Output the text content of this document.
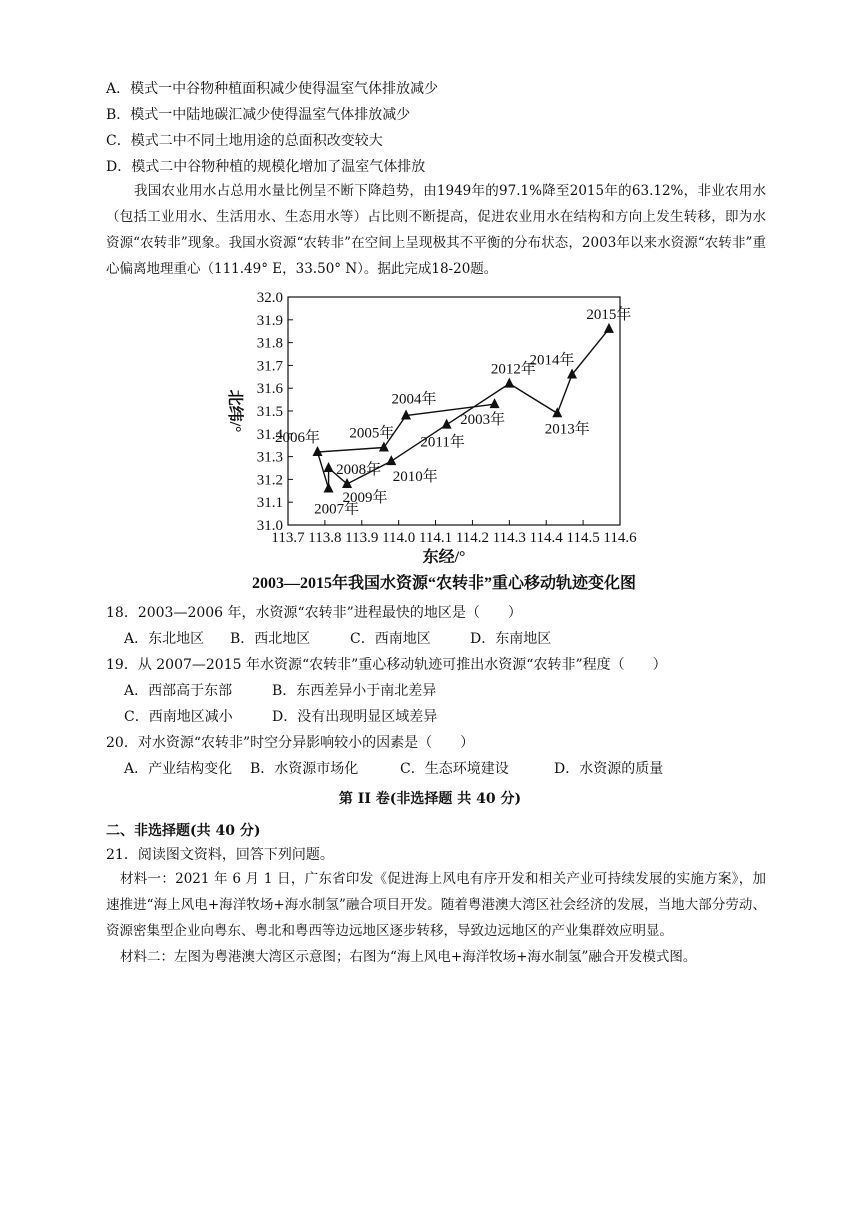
A．模式一中谷物种植面积减少使得温室气体排放减少
B．模式一中陆地碳汇减少使得温室气体排放减少
C．模式二中不同土地用途的总面积改变较大
D．模式二中谷物种植的规模化增加了温室气体排放
我国农业用水占总用水量比例呈不断下降趋势，由1949年的97.1%降至2015年的63.12%，非业农用水（包括工业用水、生活用水、生态用水等）占比则不断提高，促进农业用水在结构和方向上发生转移，即为水资源“农转非”现象。我国水资源“农转非”在空间上呈现极其不平衡的分布状态，2003年以来水资源“农转非”重心偏离地理重心（111.49° E，33.50° N）。据此完成18-20题。
31.0
31.1
31.2
31.3
31.4
31.5
31.6
31.7
31.8
31.9
32.0
113.7 113.8 113.9 114.0 114.1 114.2 114.3 114.4 114.5 114.6
东经/°
北纬/°
2003—2015年我国水资源“农转非”重心移动轨迹变化图
2003年
2004年
2005年
2006年
2007年
2008年
2009年
2010年
2011年
2012年
2013年
2014年
2015年
18．2003—2006 年，水资源“农转非”进程最快的地区是（　　）
A．东北地区 B．西北地区	C．西南地区	D．东南地区
19．从 2007—2015 年水资源“农转非”重心移动轨迹可推出水资源“农转非”程度（　　）
A．西部高于东部	B．东西差异小于南北差异
C．西南地区减小	D．没有出现明显区域差异
20．对水资源“农转非”时空分异影响较小的因素是（　　）
A．产业结构变化 B．水资源市场化	C．生态环境建设	D．水资源的质量
第 II 卷(非选择题 共 40 分)
二、非选择题(共 40 分)
21．阅读图文资料，回答下列问题。
材料一：2021 年 6 月 1 日，广东省印发《促进海上风电有序开发和相关产业可持续发展的实施方案》，加速推进“海上风电+海洋牧场+海水制氢”融合项目开发。随着粤港澳大湾区社会经济的发展，当地大部分劳动、资源密集型企业向粤东、粤北和粤西等边远地区逐步转移，导致边远地区的产业集群效应明显。
材料二：左图为粤港澳大湾区示意图；右图为“海上风电+海洋牧场+海水制氢”融合开发模式图。
